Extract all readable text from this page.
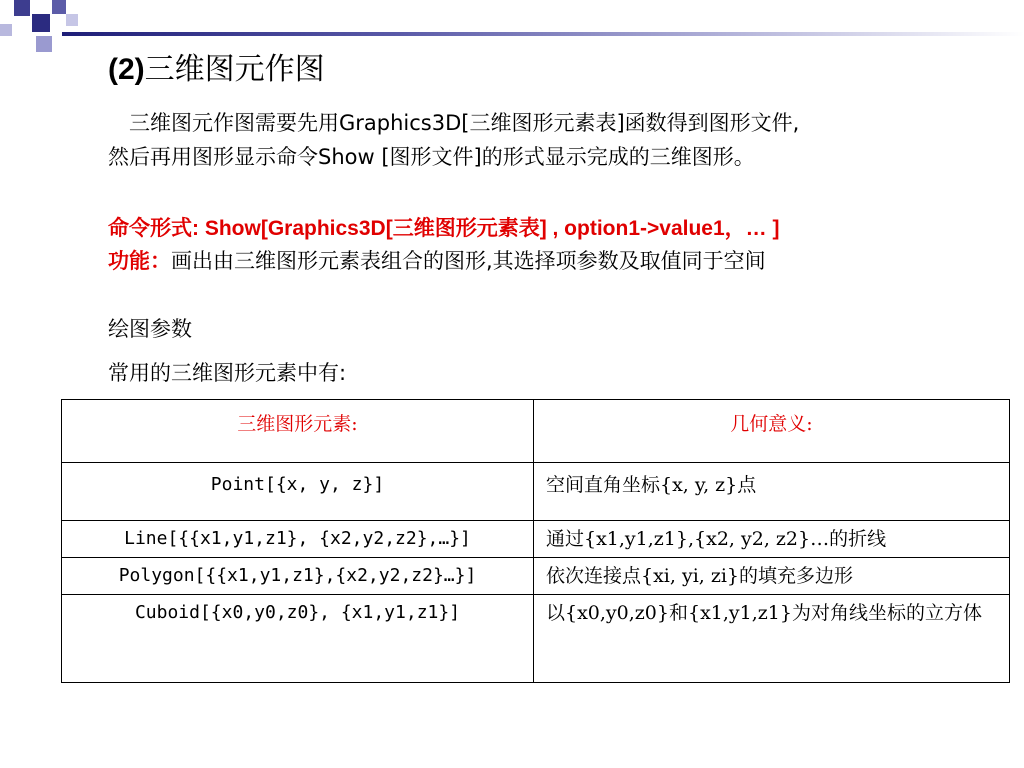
(2)三维图元作图
　三维图元作图需要先用Graphics3D[三维图形元素表]函数得到图形文件,
然后再用图形显示命令Show [图形文件]的形式显示完成的三维图形。
命令形式: Show[Graphics3D[三维图形元素表] , option1->value1，… ]
功能：画出由三维图形元素表组合的图形,其选择项参数及取值同于空间
绘图参数
常用的三维图形元素中有:
三维图形元素:	几何意义:
Point[{x, y, z}]	空间直角坐标{x, y, z}点

Line[{{x1,y1,z1}, {x2,y2,z2},…}]	通过{x1,y1,z1},{x2, y2, z2}…的折线

Polygon[{{x1,y1,z1},{x2,y2,z2}…}]	依次连接点{xi, yi, zi}的填充多边形

Cuboid[{x0,y0,z0}, {x1,y1,z1}]	以{x0,y0,z0}和{x1,y1,z1}为对角线坐标的立方体
